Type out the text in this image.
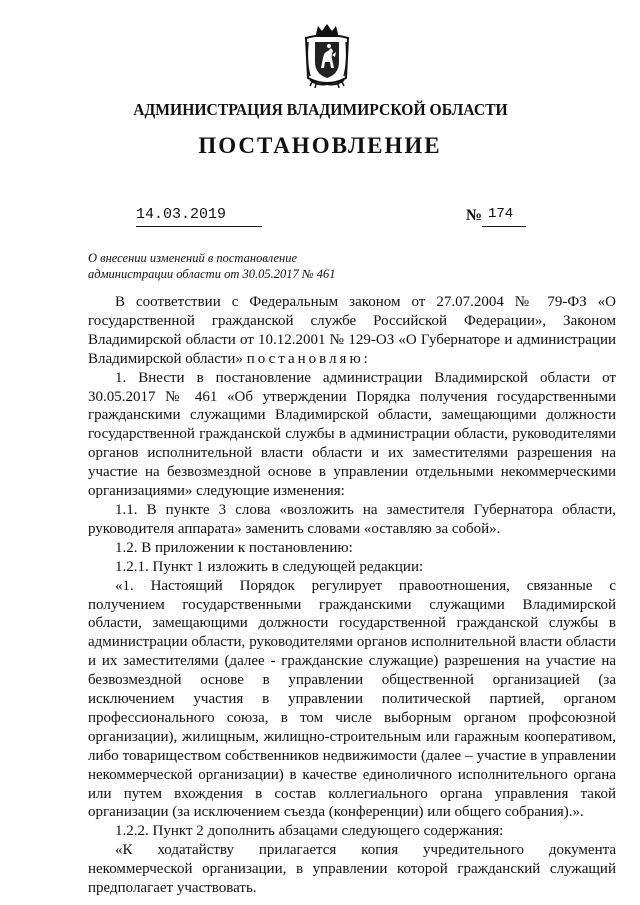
АДМИНИСТРАЦИЯ ВЛАДИМИРСКОЙ ОБЛАСТИ
ПОСТАНОВЛЕНИЕ
14.03.2019	№ 174
О внесении изменений в постановление
администрации области от 30.05.2017 № 461

В соответствии с Федеральным законом от 27.07.2004 № 79-ФЗ «О государственной гражданской службе Российской Федерации», Законом Владимирской области от 10.12.2001 № 129-ОЗ «О Губернаторе и администрации Владимирской области» постановляю:

1. Внести в постановление администрации Владимирской области от 30.05.2017 № 461 «Об утверждении Порядка получения государственными гражданскими служащими Владимирской области, замещающими должности государственной гражданской службы в администрации области, руководителями органов исполнительной власти области и их заместителями разрешения на участие на безвозмездной основе в управлении отдельными некоммерческими организациями» следующие изменения:

1.1. В пункте 3 слова «возложить на заместителя Губернатора области, руководителя аппарата» заменить словами «оставляю за собой».

1.2. В приложении к постановлению:

1.2.1. Пункт 1 изложить в следующей редакции:

«1. Настоящий Порядок регулирует правоотношения, связанные с получением государственными гражданскими служащими Владимирской области, замещающими должности государственной гражданской службы в администрации области, руководителями органов исполнительной власти области и их заместителями (далее - гражданские служащие) разрешения на участие на безвозмездной основе в управлении общественной организацией (за исключением участия в управлении политической партией, органом профессионального союза, в том числе выборным органом профсоюзной организации), жилищным, жилищно-строительным или гаражным кооперативом, либо товариществом собственников недвижимости (далее – участие в управлении некоммерческой организации) в качестве единоличного исполнительного органа или путем вхождения в состав коллегиального органа управления такой организации (за исключением съезда (конференции) или общего собрания).».

1.2.2. Пункт 2 дополнить абзацами следующего содержания:

«К ходатайству прилагается копия учредительного документа некоммерческой организации, в управлении которой гражданский служащий предполагает участвовать.
